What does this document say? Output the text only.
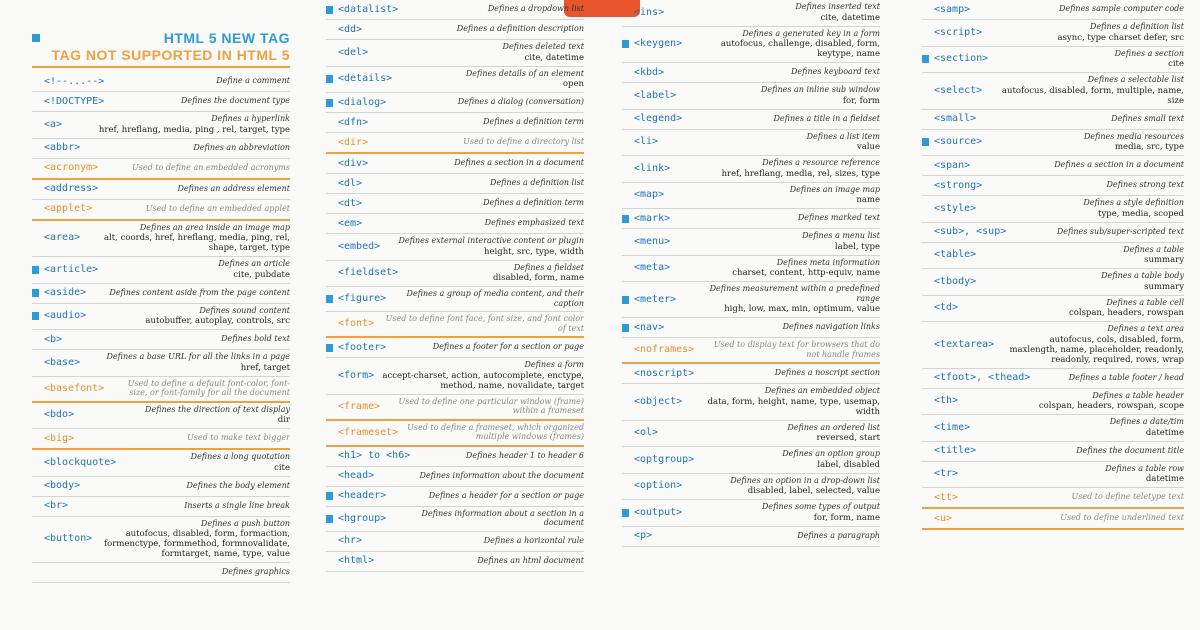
HTML 5 NEW TAG
TAG NOT SUPPORTED IN HTML 5
<!--...-->	Define a comment
<!DOCTYPE>	Defines the document type
<a>
Defines a hyperlink
href, hreflang, media, ping , rel, target, type
<abbr>	Defines an abbreviation
<acronym>	Used to define an embedded acronyms
<address>	Defines an address element
<applet>	Used to define an embedded applet
<area>
Defines an area inside an image map
alt, coords, href, hreflang, media, ping, rel, shape, target, type
<article>
Defines an article
cite, pubdate
<aside>	Defines content aside from the page content
<audio>
Defines sound content
autobuffer, autoplay, controls, src
<b>	Defines bold text
<base>
Defines a base URL for all the links in a page
href, target
<basefont>	Used to define a default font-color, font-size, or font-family for all the document
<bdo>
Defines the direction of text display
dir
<big>	Used to make text bigger
<blockquote>
Defines a long quotation
cite
<body>	Defines the body element
<br>	Inserts a single line break
<button>
Defines a push button
autofocus, disabled, form, formaction, formenctype, formmethod, formnovalidate, formtarget, name, type, value
Defines graphics
<datalist>	Defines a dropdown list
<dd>	Defines a definition description
<del>
Defines deleted text
cite, datetime
<details>
Defines details of an element
open
<dialog>	Defines a dialog (conversation)
<dfn>	Defines a definition term
<dir>	Used to define a directory list
<div>	Defines a section in a document
<dl>	Defines a definition list
<dt>	Defines a definition term
<em>	Defines emphasized text
<embed>
Defines external interactive content or plugin
height, src, type, width
<fieldset>
Defines a fieldset
disabled, form, name
<figure>	Defines a group of media content, and their caption
<font>	Used to define font face, font size, and font color of text
<footer>	Defines a footer for a section or page
<form>
Defines a form
accept-charset, action, autocomplete, enctype, method, name, novalidate, target
<frame>	Used to define one particular window (frame) within a frameset
<frameset> Used to define a frameset, which organized multiple windows (frames)
<h1> to <h6>	Defines header 1 to header 6
<head>	Defines information about the document
<header>	Defines a header for a section or page
<hgroup>	Defines information about a section in a document
<hr>	Defines a horizontal rule
<html>	Defines an html document
<ins>
Defines inserted text
cite, datetime
<keygen>
Defines a generated key in a form
autofocus, challenge, disabled, form, keytype, name
<kbd>	Defines keyboard text
<label>
Defines an inline sub window
for, form
<legend>	Defines a title in a fieldset
<li>
Defines a list item
value
<link>
Defines a resource reference
href, hreflang, media, rel, sizes, type
<map>
Defines an image map
name
<mark>	Defines marked text
<menu>
Defines a menu list
label, type
<meta>
Defines meta information
charset, content, http-equiv, name
<meter>
Defines measurement within a predefined range
high, low, max, min, optimum, value
<nav>	Defines navigation links
<noframes>	Used to display text for browsers that do not handle frames
<noscript>	Defines a noscript section
<object>
Defines an embedded object
data, form, height, name, type, usemap, width
<ol>
Defines an ordered list
reversed, start
<optgroup>
Defines an option group
label, disabled
<option>
Defines an option in a drop-down list
disabled, label, selected, value
<output>
Defines some types of output
for, form, name
<p>	Defines a paragraph
<samp>	Defines sample computer code
<script>
Defines a definition list
async, type charset defer, src
<section>
Defines a section
cite
<select>
Defines a selectable list
autofocus, disabled, form, multiple, name, size
<small>	Defines small text
<source>
Defines media resources
media, src, type
<span>	Defines a section in a document
<strong>	Defines strong text
<style>
Defines a style definition
type, media, scoped
<sub>, <sup>	Defines sub/super-scripted text
<table>
Defines a table
summary
<tbody>
Defines a table body
summary
<td>
Defines a table cell
colspan, headers, rowspan
<textarea>
Defines a text area
autofocus, cols, disabled, form, maxlength, name, placeholder, readonly, readonly, required, rows, wrap
<tfoot>, <thead>	Defines a table footer / head
<th>
Defines a table header
colspan, headers, rowspan, scope
<time>
Defines a date/tim
datetime
<title>	Defines the document title
<tr>
Defines a table row
datetime
<tt>	Used to define teletype text
<u>	Used to define underlined text
